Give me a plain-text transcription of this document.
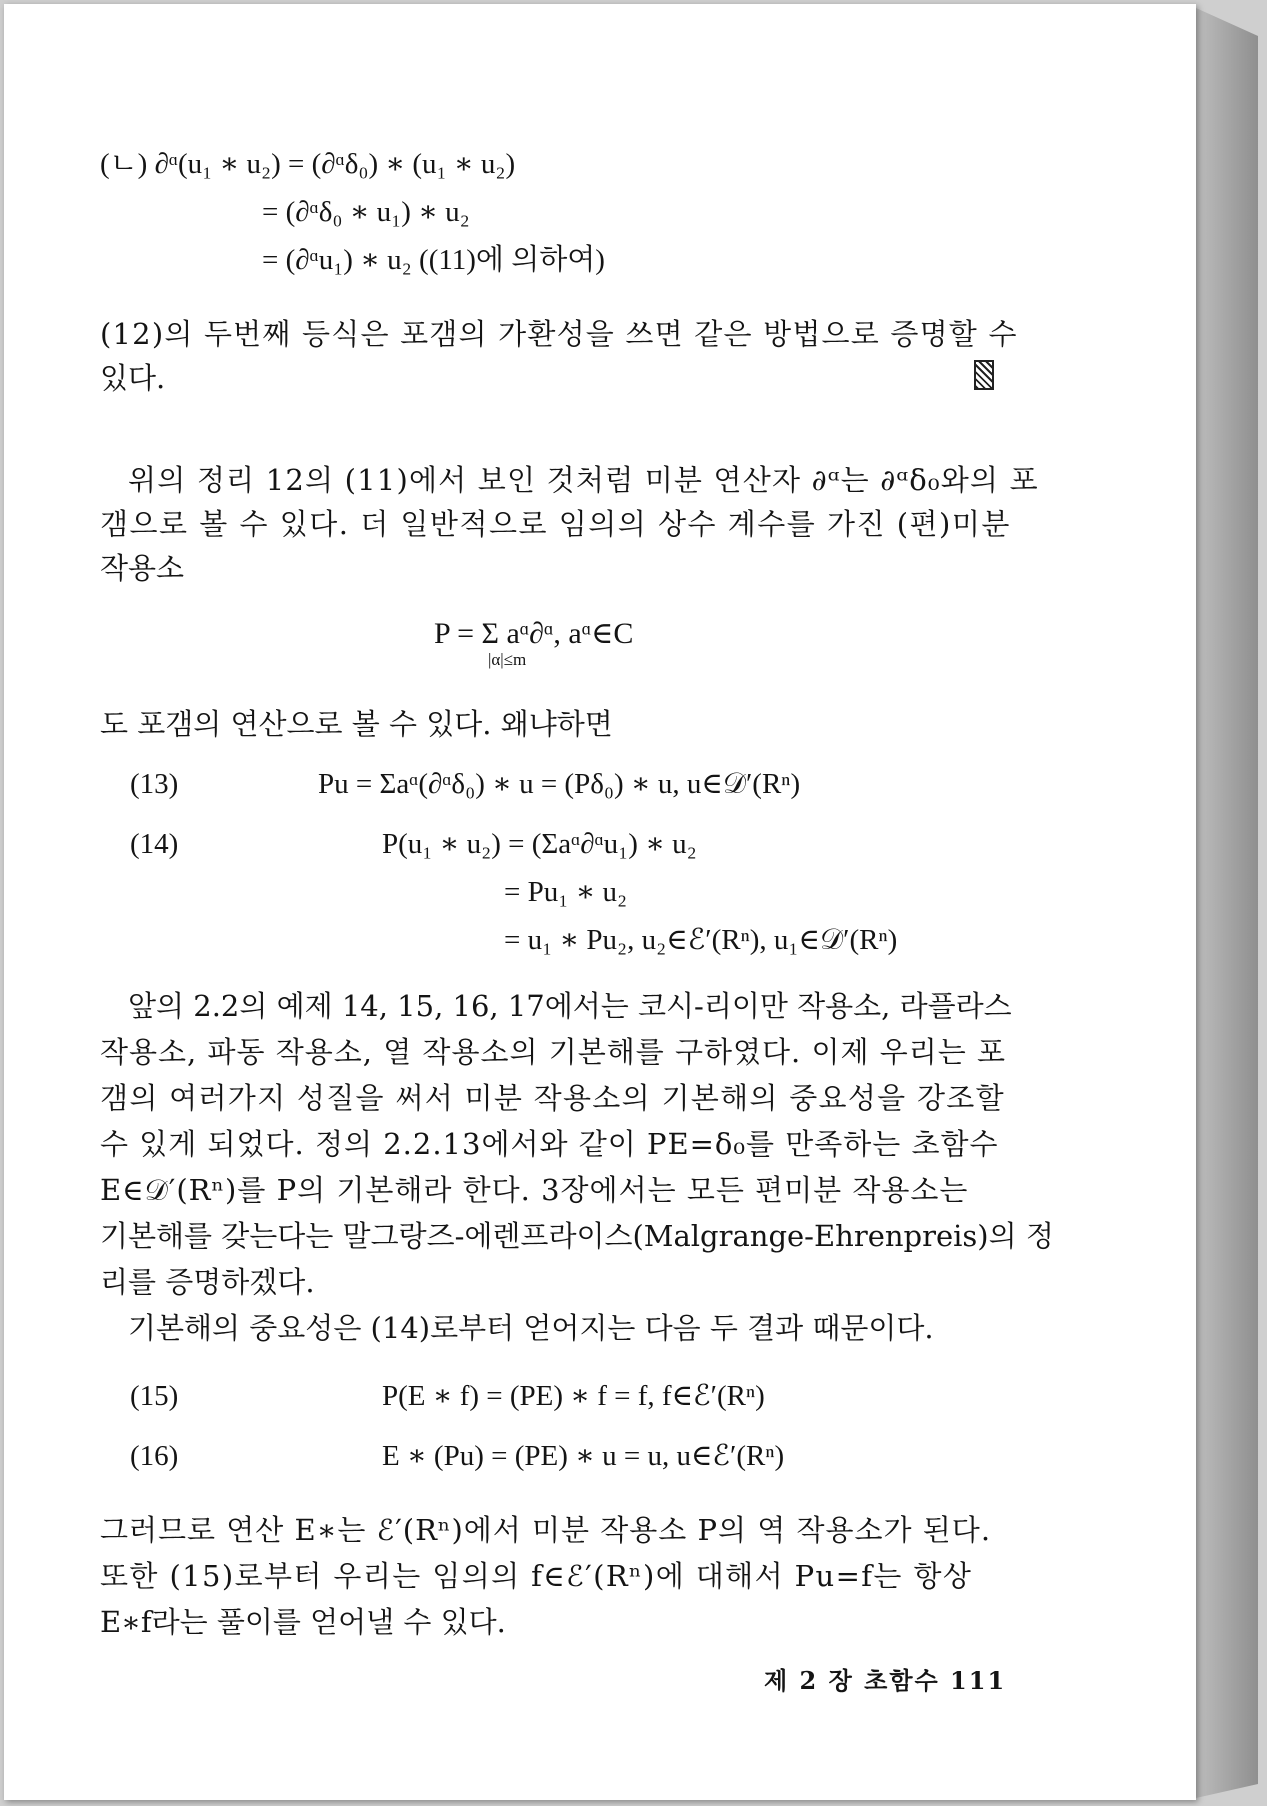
(ㄴ) ∂ᵅ(u₁ ∗ u₂) = (∂ᵅδ₀) ∗ (u₁ ∗ u₂)
= (∂ᵅδ₀ ∗ u₁) ∗ u₂
= (∂ᵅu₁) ∗ u₂ ((11)에 의하여)
(12)의 두번째 등식은 포갬의 가환성을 쓰면 같은 방법으로 증명할 수
있다.
위의 정리 12의 (11)에서 보인 것처럼 미분 연산자 ∂ᵅ는 ∂ᵅδ₀와의 포
갬으로 볼 수 있다. 더 일반적으로 임의의 상수 계수를 가진 (편)미분
작용소
P = Σ aᵅ∂ᵅ, aᵅ∈C
|α|≤m
도 포갬의 연산으로 볼 수 있다. 왜냐하면
(13)	Pu = Σaᵅ(∂ᵅδ₀) ∗ u = (Pδ₀) ∗ u, u∈𝒟′(Rⁿ)
(14)	P(u₁ ∗ u₂) = (Σaᵅ∂ᵅu₁) ∗ u₂
= Pu₁ ∗ u₂
= u₁ ∗ Pu₂, u₂∈ℰ′(Rⁿ), u₁∈𝒟′(Rⁿ)
앞의 2.2의 예제 14, 15, 16, 17에서는 코시-리이만 작용소, 라플라스
작용소, 파동 작용소, 열 작용소의 기본해를 구하였다. 이제 우리는 포
갬의 여러가지 성질을 써서 미분 작용소의 기본해의 중요성을 강조할
수 있게 되었다. 정의 2.2.13에서와 같이 PE=δ₀를 만족하는 초함수
E∈𝒟′(Rⁿ)를 P의 기본해라 한다. 3장에서는 모든 편미분 작용소는
기본해를 갖는다는 말그랑즈-에렌프라이스(Malgrange-Ehrenpreis)의 정
리를 증명하겠다.
기본해의 중요성은 (14)로부터 얻어지는 다음 두 결과 때문이다.
(15)	P(E ∗ f) = (PE) ∗ f = f, f∈ℰ′(Rⁿ)
(16)	E ∗ (Pu) = (PE) ∗ u = u, u∈ℰ′(Rⁿ)
그러므로 연산 E∗는 ℰ′(Rⁿ)에서 미분 작용소 P의 역 작용소가 된다.
또한 (15)로부터 우리는 임의의 f∈ℰ′(Rⁿ)에 대해서 Pu=f는 항상
E∗f라는 풀이를 얻어낼 수 있다.
제 2 장 초함수 111
